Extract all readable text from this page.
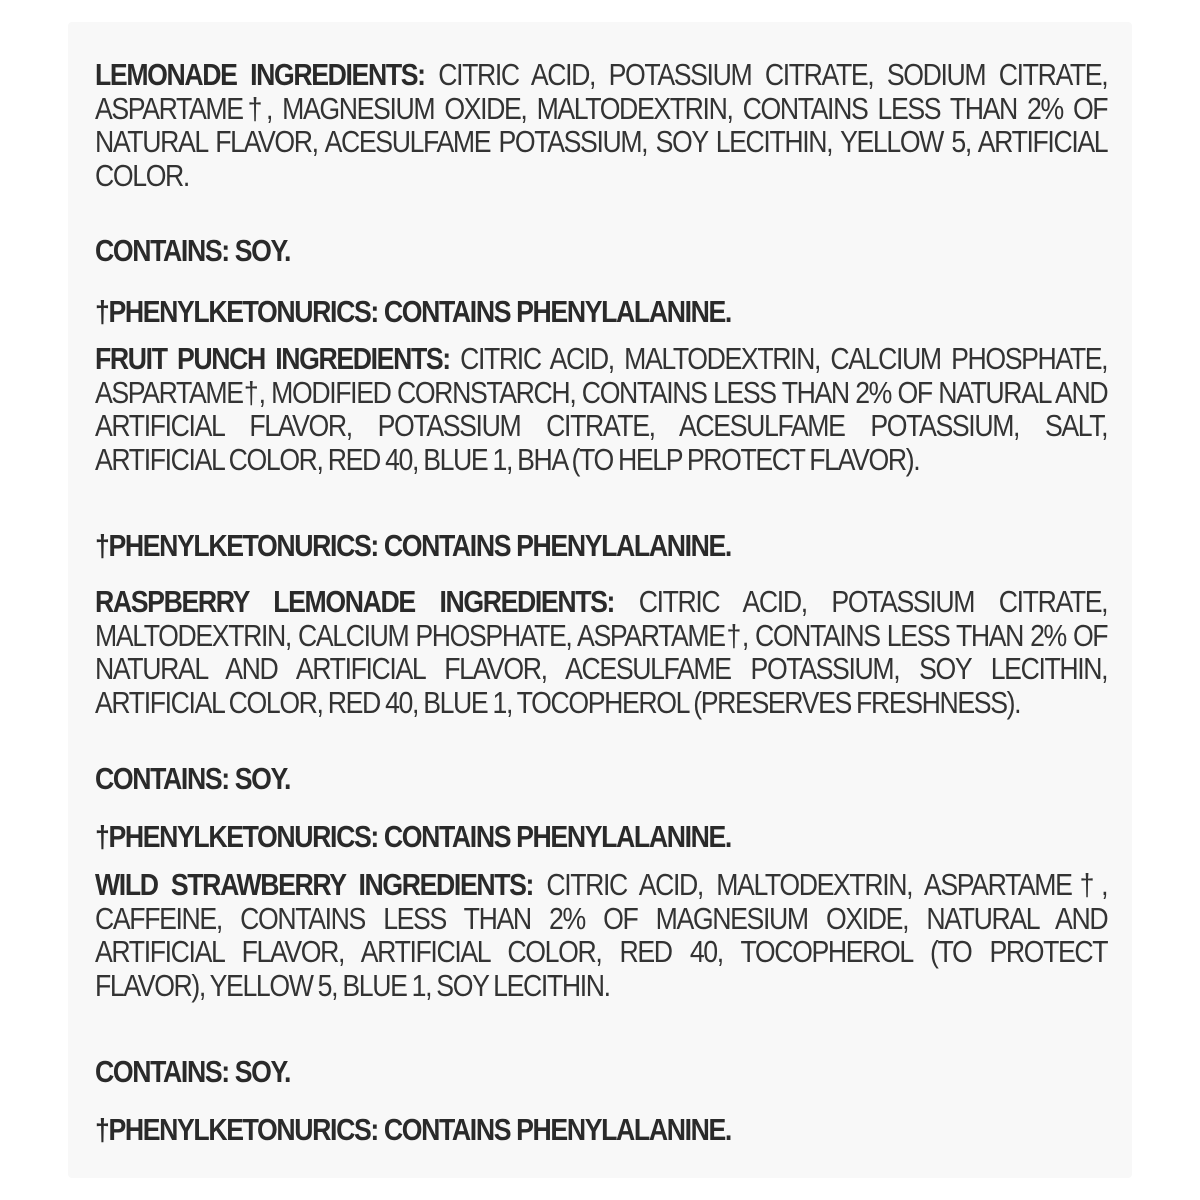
LEMONADE INGREDIENTS: CITRIC ACID, POTASSIUM CITRATE, SODIUM CITRATE, ASPARTAME†, MAGNESIUM OXIDE, MALTODEXTRIN, CONTAINS LESS THAN 2% OF NATURAL FLAVOR, ACESULFAME POTASSIUM, SOY LECITHIN, YELLOW 5, ARTIFICIAL COLOR.

CONTAINS: SOY.

†PHENYLKETONURICS: CONTAINS PHENYLALANINE.

FRUIT PUNCH INGREDIENTS: CITRIC ACID, MALTODEXTRIN, CALCIUM PHOSPHATE, ASPARTAME†, MODIFIED CORNSTARCH, CONTAINS LESS THAN 2% OF NATURAL AND ARTIFICIAL FLAVOR, POTASSIUM CITRATE, ACESULFAME POTASSIUM, SALT, ARTIFICIAL COLOR, RED 40, BLUE 1, BHA (TO HELP PROTECT FLAVOR).

†PHENYLKETONURICS: CONTAINS PHENYLALANINE.

RASPBERRY LEMONADE INGREDIENTS: CITRIC ACID, POTASSIUM CITRATE, MALTODEXTRIN, CALCIUM PHOSPHATE, ASPARTAME†, CONTAINS LESS THAN 2% OF NATURAL AND ARTIFICIAL FLAVOR, ACESULFAME POTASSIUM, SOY LECITHIN, ARTIFICIAL COLOR, RED 40, BLUE 1, TOCOPHEROL (PRESERVES FRESHNESS).

CONTAINS: SOY.

†PHENYLKETONURICS: CONTAINS PHENYLALANINE.

WILD STRAWBERRY INGREDIENTS: CITRIC ACID, MALTODEXTRIN, ASPARTAME†, CAFFEINE, CONTAINS LESS THAN 2% OF MAGNESIUM OXIDE, NATURAL AND ARTIFICIAL FLAVOR, ARTIFICIAL COLOR, RED 40, TOCOPHEROL (TO PROTECT FLAVOR), YELLOW 5, BLUE 1, SOY LECITHIN.

CONTAINS: SOY.

†PHENYLKETONURICS: CONTAINS PHENYLALANINE.
